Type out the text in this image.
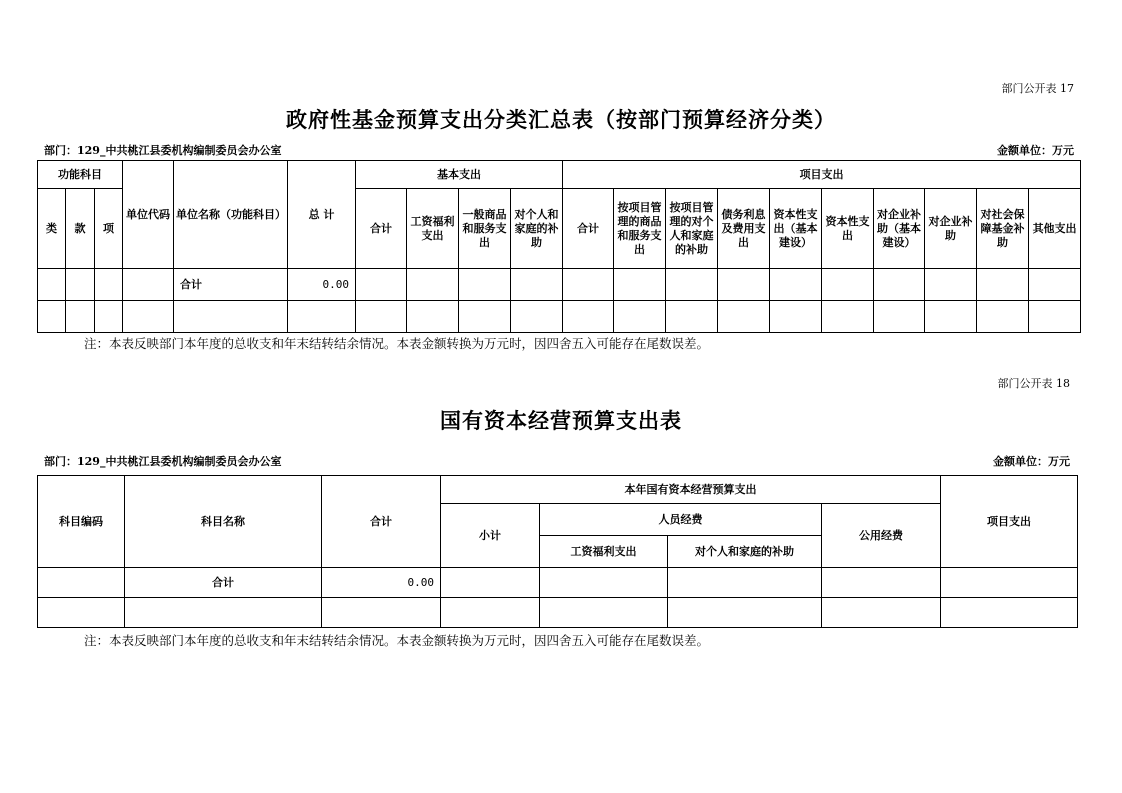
部门公开表 17
政府性基金预算支出分类汇总表（按部门预算经济分类）
部门：129_中共桃江县委机构编制委员会办公室	金额单位：万元
功能科目			单位代码	单位名称（功能科目）	总 计	基本支出				项目支出									
类	款	项				合计	工资福利支出	一般商品和服务支出	对个人和家庭的补助	合计	按项目管理的商品和服务支出	按项目管理的对个人和家庭的补助	债务利息及费用支出	资本性支出（基本建设）	资本性支出	对企业补助（基本建设）	对企业补助	对社会保障基金补助	其他支出
				合计	0.00														

注：本表反映部门本年度的总收支和年末结转结余情况。本表金额转换为万元时，因四舍五入可能存在尾数误差。
部门公开表 18
国有资本经营预算支出表
部门：129_中共桃江县委机构编制委员会办公室	金额单位：万元
科目编码	科目名称	合计	本年国有资本经营预算支出				项目支出
			小计	人员经费		公用经费	
				工资福利支出	对个人和家庭的补助		
	合计	0.00					

注：本表反映部门本年度的总收支和年末结转结余情况。本表金额转换为万元时，因四舍五入可能存在尾数误差。
